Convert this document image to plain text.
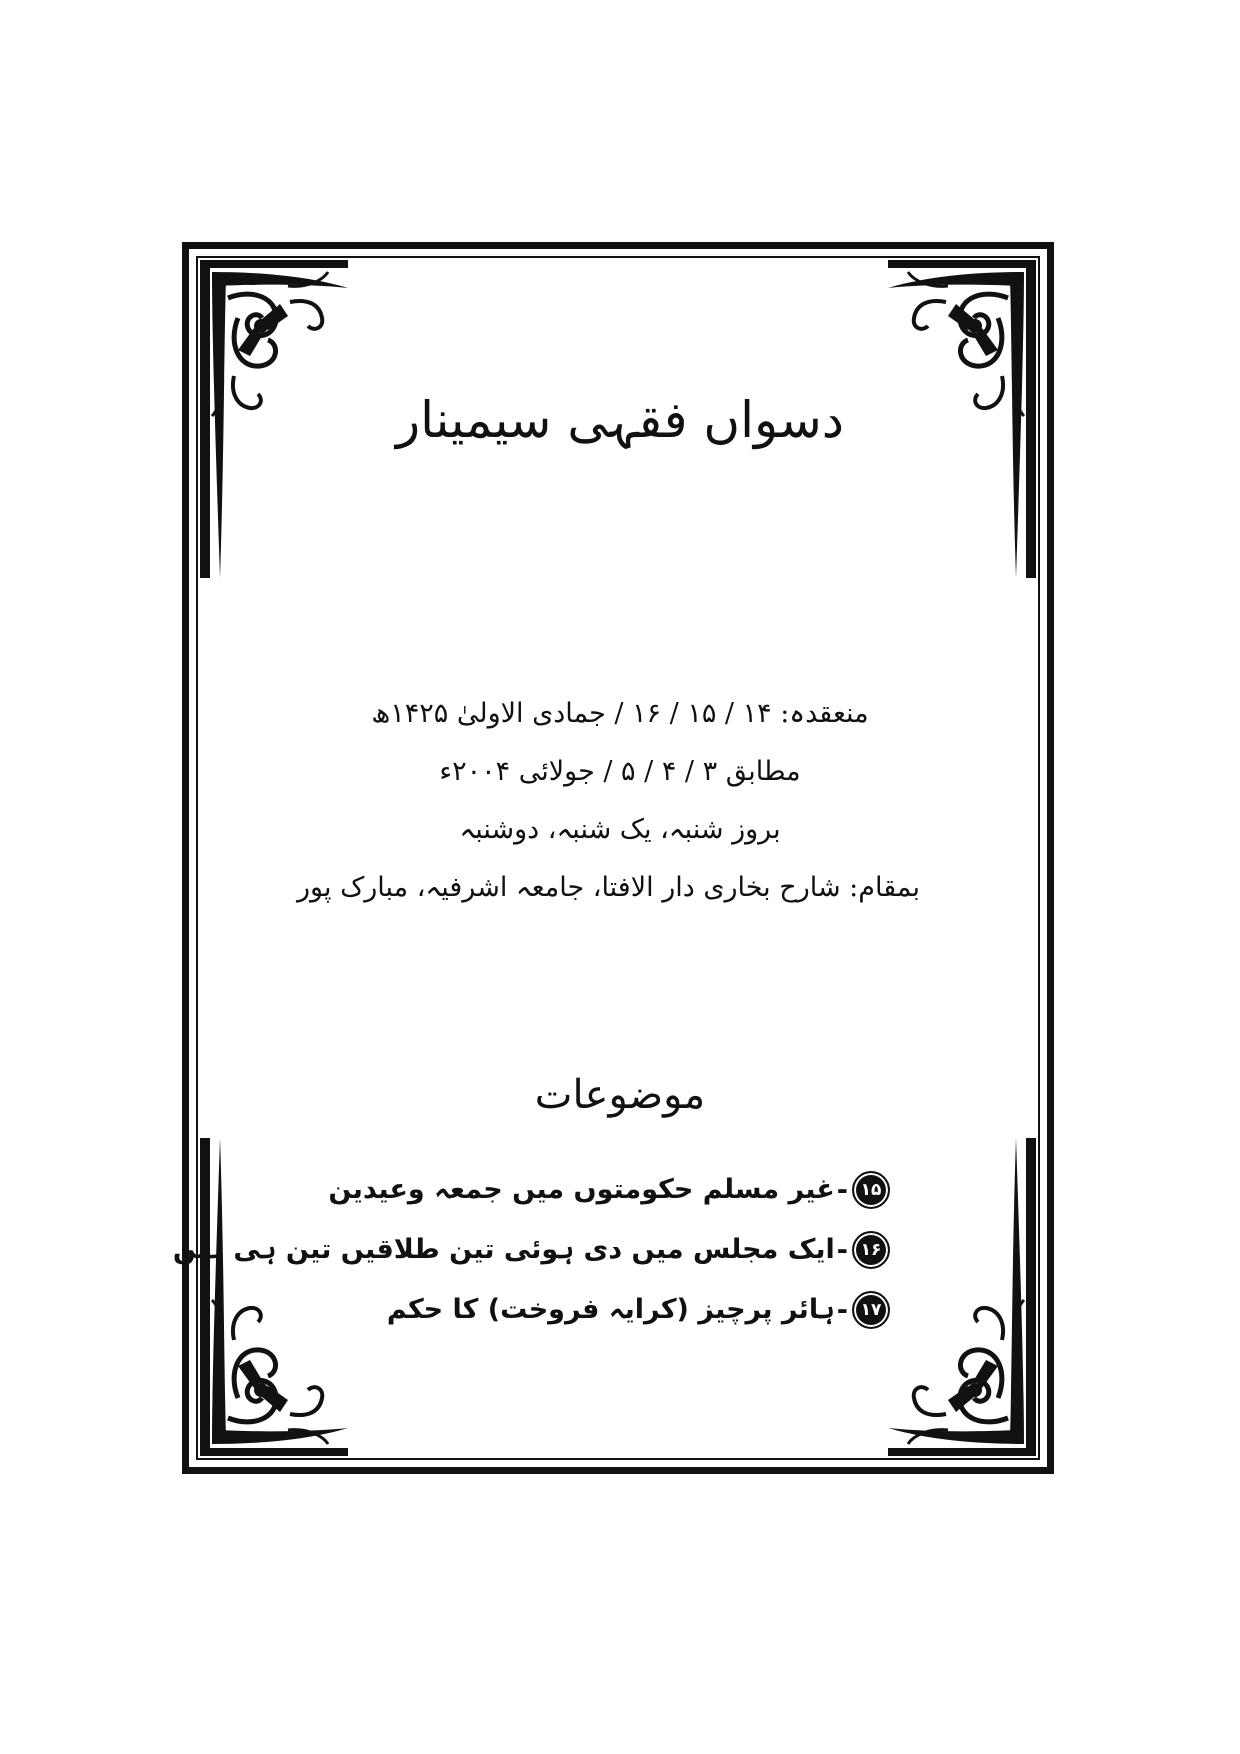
دسواں فقہی سیمینار
منعقدہ: ۱۴ / ۱۵ / ۱۶ / جمادی الاولیٰ ۱۴۲۵ھ
مطابق ۳ / ۴ / ۵ / جولائی ۲۰۰۴ء
بروز شنبہ، یک شنبہ، دوشنبہ
بمقام: شارح بخاری دار الافتا، جامعہ اشرفیہ، مبارک پور
موضوعات
۱۵
-
غیر مسلم حکومتوں میں جمعہ وعیدین
۱۶
-
ایک مجلس میں دی ہوئی تین طلاقیں تین ہی ہیں
۱۷
-
ہائر پرچیز (کرایہ فروخت) کا حکم
